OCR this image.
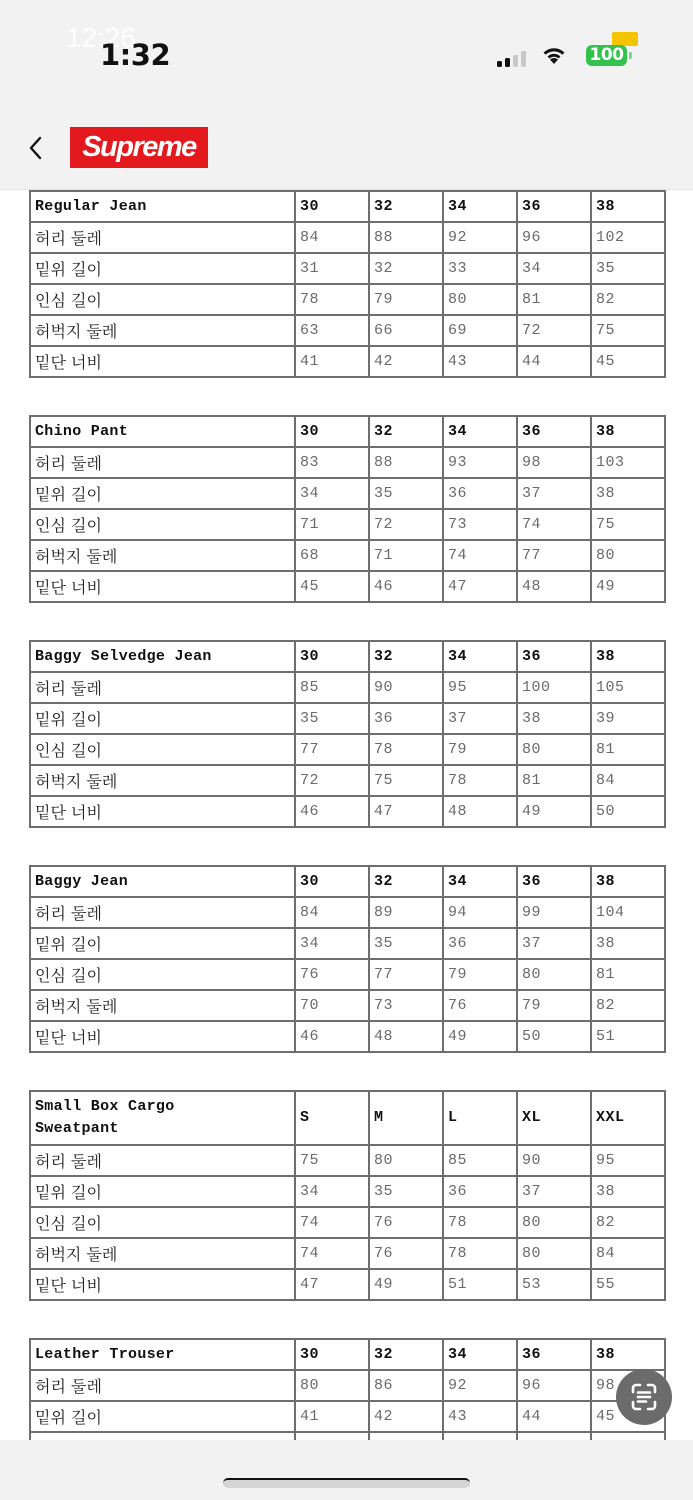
12:26
1:32	100
Supreme
Regular Jean	30	32	34	36	38
허리 둘레	84	88	92	96	102
밑위 길이	31	32	33	34	35
인심 길이	78	79	80	81	82
허벅지 둘레	63	66	69	72	75
밑단 너비	41	42	43	44	45
Chino Pant	30	32	34	36	38
허리 둘레	83	88	93	98	103
밑위 길이	34	35	36	37	38
인심 길이	71	72	73	74	75
허벅지 둘레	68	71	74	77	80
밑단 너비	45	46	47	48	49
Baggy Selvedge Jean	30	32	34	36	38
허리 둘레	85	90	95	100	105
밑위 길이	35	36	37	38	39
인심 길이	77	78	79	80	81
허벅지 둘레	72	75	78	81	84
밑단 너비	46	47	48	49	50
Baggy Jean	30	32	34	36	38
허리 둘레	84	89	94	99	104
밑위 길이	34	35	36	37	38
인심 길이	76	77	79	80	81
허벅지 둘레	70	73	76	79	82
밑단 너비	46	48	49	50	51
Small Box Cargo
Sweatpant	S	M	L	XL	XXL
허리 둘레	75	80	85	90	95
밑위 길이	34	35	36	37	38
인심 길이	74	76	78	80	82
허벅지 둘레	74	76	78	80	84
밑단 너비	47	49	51	53	55
Leather Trouser	30	32	34	36	38
허리 둘레	80	86	92	96	98
밑위 길이	41	42	43	44	45
